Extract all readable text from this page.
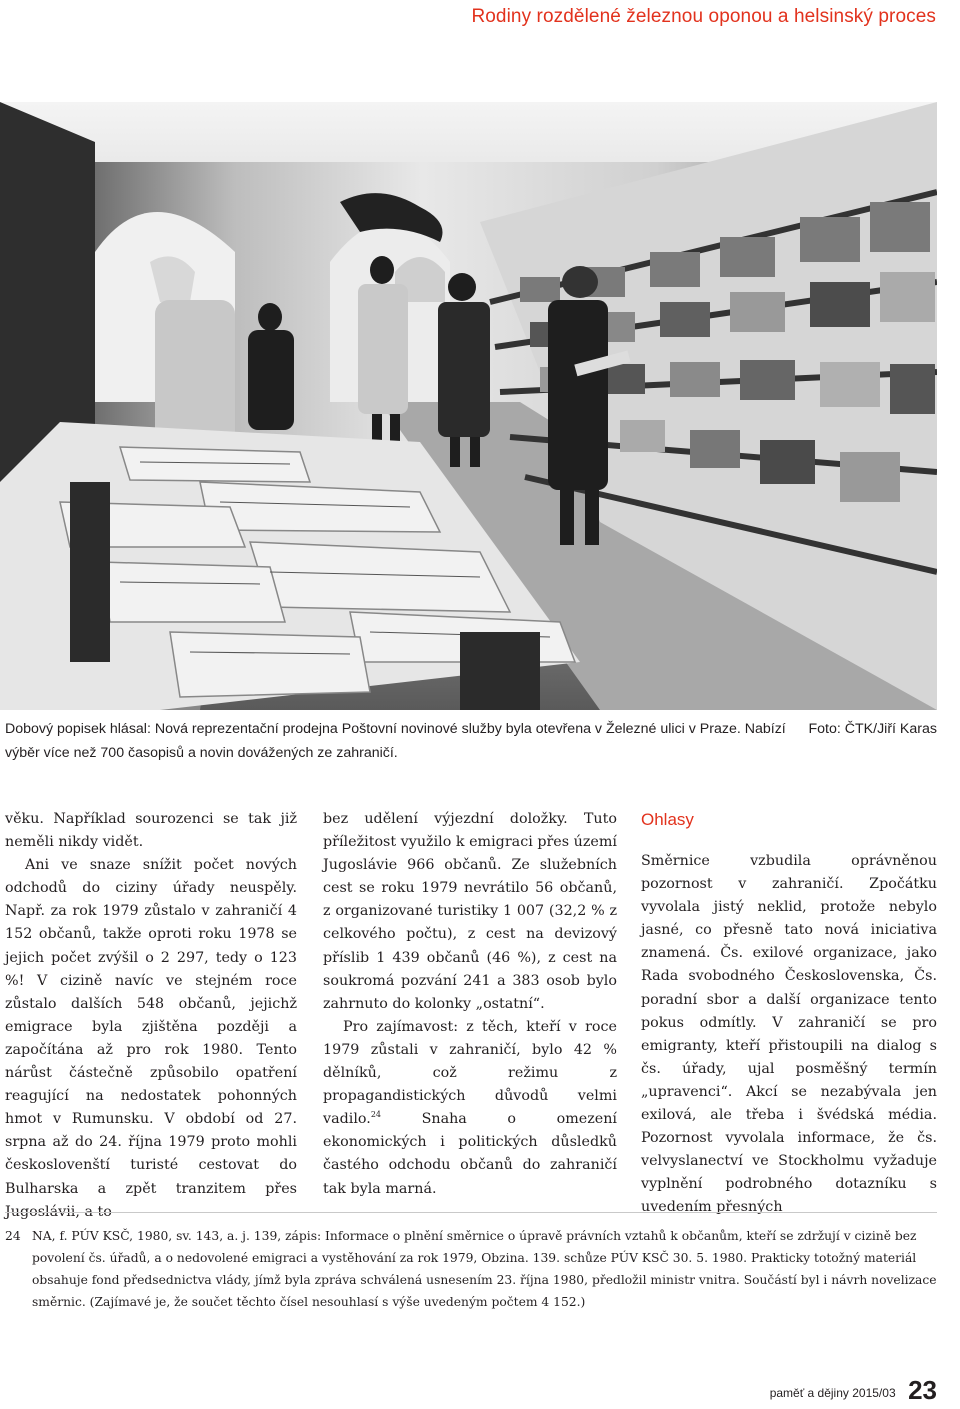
Rodiny rozdělené železnou oponou a helsinský proces
Foto: ČTK/Jiří Karas
Dobový popisek hlásal: Nová reprezentační prodejna Poštovní novinové služby byla otevřena v Železné ulici v Praze. Nabízí výběr více než 700 časopisů a novin dovážených ze zahraničí.

věku. Například sourozenci se tak již neměli nikdy vidět.

Ani ve snaze snížit počet nových odchodů do ciziny úřady neuspěly. Např. za rok 1979 zůstalo v zahraničí 4 152 občanů, takže oproti roku 1978 se jejich počet zvýšil o 2 297, tedy o 123 %! V cizině navíc ve stejném roce zůstalo dalších 548 občanů, jejichž emigrace byla zjištěna později a započítána až pro rok 1980. Tento nárůst částečně způsobilo opatření reagující na nedostatek pohonných hmot v Rumunsku. V období od 27. srpna až do 24. října 1979 proto mohli českoslovenští turisté cestovat do Bulharska a zpět tranzitem přes Jugoslávii, a to

bez udělení výjezdní doložky. Tuto příležitost využilo k emigraci přes území Jugoslávie 966 občanů. Ze služebních cest se roku 1979 nevrátilo 56 občanů, z organizované turistiky 1 007 (32,2 % z celkového počtu), z cest na devizový příslib 1 439 občanů (46 %), z cest na soukromá pozvání 241 a 383 osob bylo zahrnuto do kolonky „ostatní“.

Pro zajímavost: z těch, kteří v roce 1979 zůstali v zahraničí, bylo 42 % dělníků, což režimu z propagandistických důvodů velmi vadilo.$^{24}$ Snaha o omezení ekonomických i politických důsledků častého odchodu občanů do zahraničí tak byla marná.

Ohlasy

Směrnice vzbudila oprávněnou pozornost v zahraničí. Zpočátku vyvolala jistý neklid, protože nebylo jasné, co přesně tato nová iniciativa znamená. Čs. exilové organizace, jako Rada svobodného Československa, Čs. poradní sbor a další organizace tento pokus odmítly. V zahraničí se pro emigranty, kteří přistoupili na dialog s čs. úřady, ujal posměšný termín „upravenci“. Akcí se nezabývala jen exilová, ale třeba i švédská média. Pozornost vyvolala informace, že čs. velvyslanectví ve Stockholmu vyžaduje vyplnění podrobného dotazníku s uvedením přesných

24 NA, f. PÚV KSČ, 1980, sv. 143, a. j. 139, zápis: Informace o plnění směrnice o úpravě právních vztahů k občanům, kteří se zdržují v cizině bez povolení čs. úřadů, a o nedovolené emigraci a vystěhování za rok 1979, Obzina. 139. schůze PÚV KSČ 30. 5. 1980. Prakticky totožný materiál obsahuje fond předsednictva vlády, jímž byla zpráva schválená usnesením 23. října 1980, předložil ministr vnitra. Součástí byl i návrh novelizace směrnic. (Zajímavé je, že součet těchto čísel nesouhlasí s výše uvedeným počtem 4 152.)
paměť a dějiny 2015/03 23
